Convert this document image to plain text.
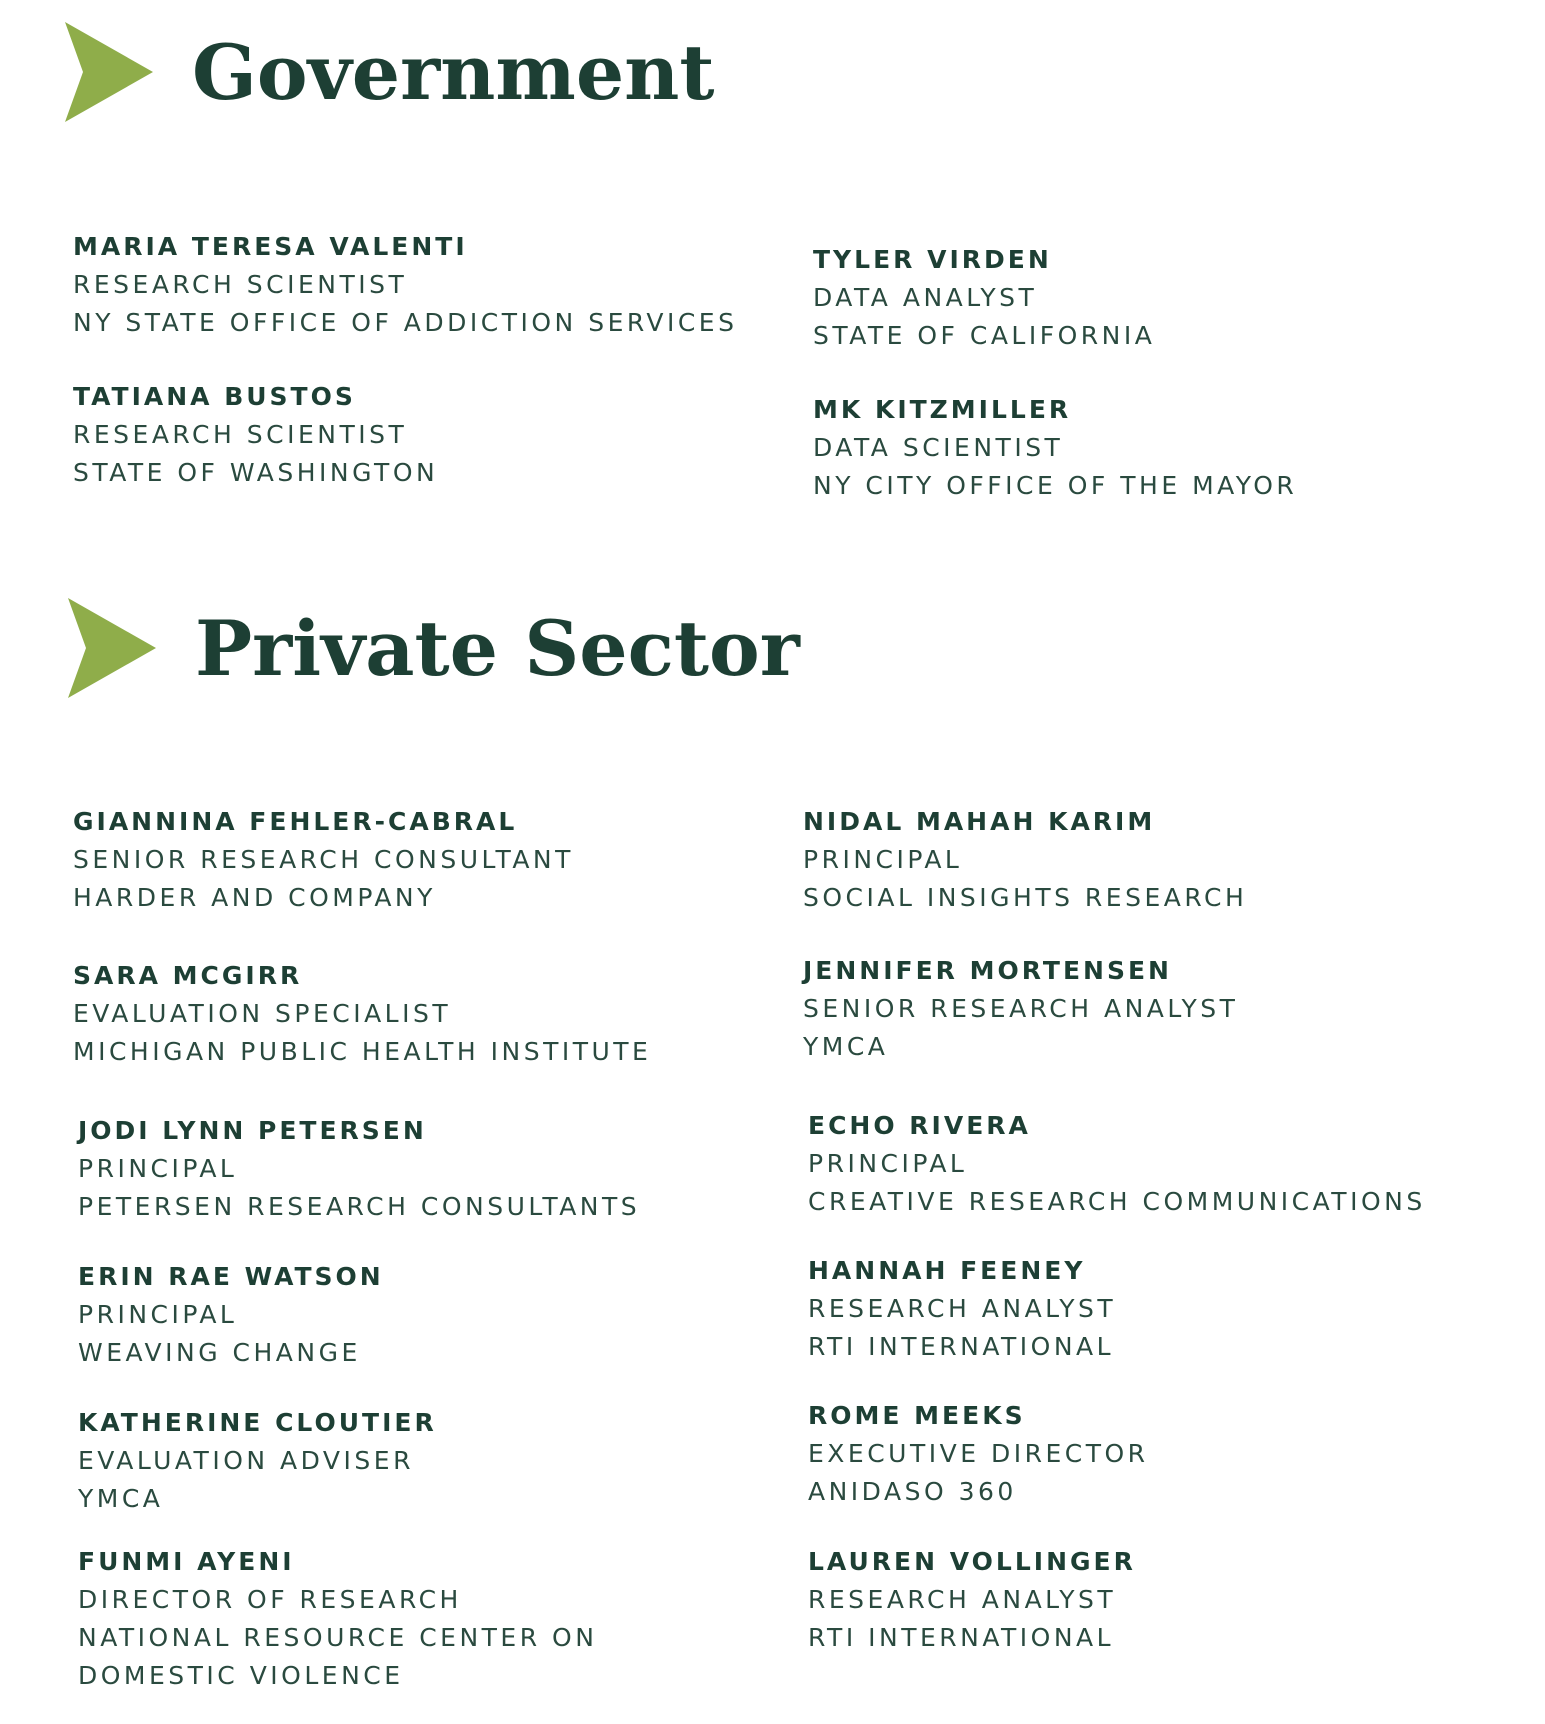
Government
MARIA TERESA VALENTI
RESEARCH SCIENTIST
NY STATE OFFICE OF ADDICTION SERVICES
TATIANA BUSTOS
RESEARCH SCIENTIST
STATE OF WASHINGTON
TYLER VIRDEN
DATA ANALYST
STATE OF CALIFORNIA
MK KITZMILLER
DATA SCIENTIST
NY CITY OFFICE OF THE MAYOR
Private Sector
GIANNINA FEHLER-CABRAL
SENIOR RESEARCH CONSULTANT
HARDER AND COMPANY
SARA MCGIRR
EVALUATION SPECIALIST
MICHIGAN PUBLIC HEALTH INSTITUTE
JODI LYNN PETERSEN
PRINCIPAL
PETERSEN RESEARCH CONSULTANTS
ERIN RAE WATSON
PRINCIPAL
WEAVING CHANGE
KATHERINE CLOUTIER
EVALUATION ADVISER
YMCA
FUNMI AYENI
DIRECTOR OF RESEARCH
NATIONAL RESOURCE CENTER ON
DOMESTIC VIOLENCE
NIDAL MAHAH KARIM
PRINCIPAL
SOCIAL INSIGHTS RESEARCH
JENNIFER MORTENSEN
SENIOR RESEARCH ANALYST
YMCA
ECHO RIVERA
PRINCIPAL
CREATIVE RESEARCH COMMUNICATIONS
HANNAH FEENEY
RESEARCH ANALYST
RTI INTERNATIONAL
ROME MEEKS
EXECUTIVE DIRECTOR
ANIDASO 360
LAUREN VOLLINGER
RESEARCH ANALYST
RTI INTERNATIONAL
